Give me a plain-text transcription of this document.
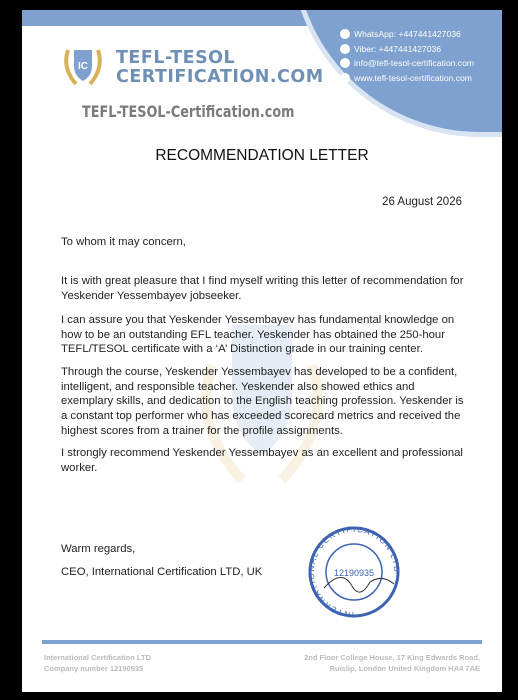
WhatsApp: +447441427036
Viber: +447441427036
info@tefl-tesol-certification.com
www.tefl-tesol-certification.com
IC TEFL-TESOL
CERTIFICATION.COM
TEFL-TESOL-Certification.com
RECOMMENDATION LETTER
26 August 2026
To whom it may concern,
It is with great pleasure that I find myself writing this letter of recommendation for Yeskender Yessembayev jobseeker.
I can assure you that Yeskender Yessembayev has fundamental knowledge on how to be an outstanding EFL teacher. Yeskender has obtained the 250-hour TEFL/TESOL certificate with a ‘A’ Distinction grade in our training center.
Through the course, Yeskender Yessembayev has developed to be a confident, intelligent, and responsible teacher. Yeskender also showed ethics and exemplary skills, and dedication to the English teaching profession. Yeskender is a constant top performer who has exceeded scorecard metrics and received the highest scores from a trainer for the profile assignments.
I strongly recommend Yeskender Yessembayev as an excellent and professional worker.
Warm regards,
CEO, International Certification LTD, UK
INTERNATIONAL CERTIFICATION LTD
12190935
International Certification LTD
Company number 12190935
2nd Floor College House, 17 King Edwards Road,
Ruislip, London United Kingdom HA4 7AE
